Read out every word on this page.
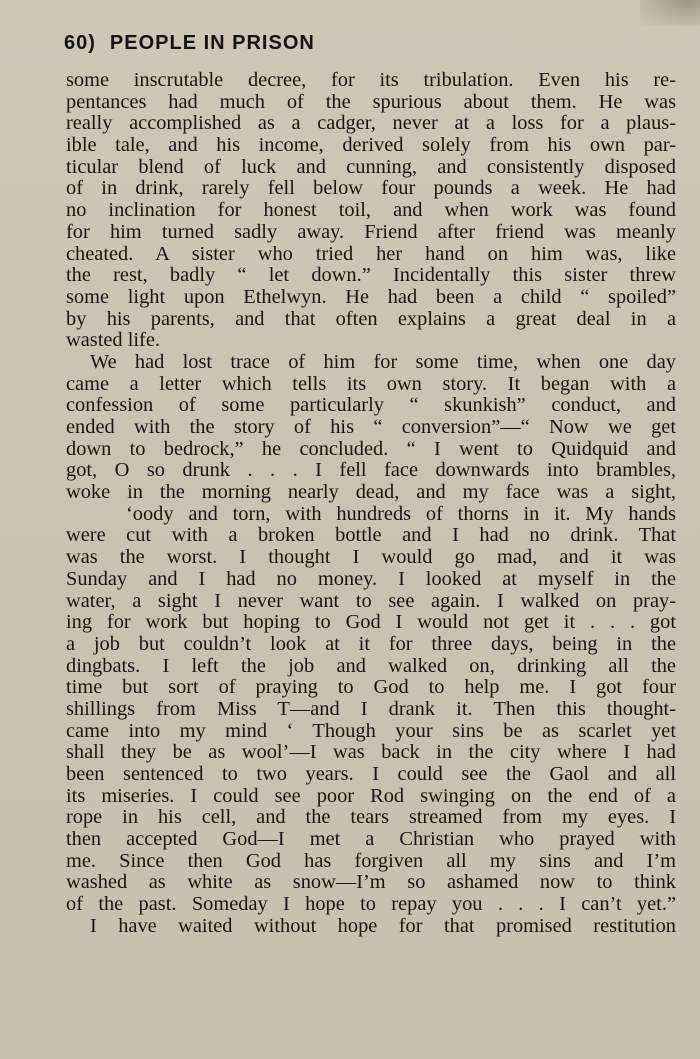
60) PEOPLE IN PRISON
some inscrutable decree, for its tribulation. Even his re-
pentances had much of the spurious about them. He was
really accomplished as a cadger, never at a loss for a plaus-
ible tale, and his income, derived solely from his own par-
ticular blend of luck and cunning, and consistently disposed
of in drink, rarely fell below four pounds a week. He had
no inclination for honest toil, and when work was found
for him turned sadly away. Friend after friend was meanly
cheated. A sister who tried her hand on him was, like
the rest, badly “ let down.” Incidentally this sister threw
some light upon Ethelwyn. He had been a child “ spoiled”
by his parents, and that often explains a great deal in a
wasted life.
We had lost trace of him for some time, when one day
came a letter which tells its own story. It began with a
confession of some particularly “ skunkish” conduct, and
ended with the story of his “ conversion”—“ Now we get
down to bedrock,” he concluded. “ I went to Quidquid and
got, O so drunk . . . I fell face downwards into brambles,
woke in the morning nearly dead, and my face was a sight,
‘oody and torn, with hundreds of thorns in it. My hands
were cut with a broken bottle and I had no drink. That
was the worst. I thought I would go mad, and it was
Sunday and I had no money. I looked at myself in the
water, a sight I never want to see again. I walked on pray-
ing for work but hoping to God I would not get it . . . got
a job but couldn’t look at it for three days, being in the
dingbats. I left the job and walked on, drinking all the
time but sort of praying to God to help me. I got four
shillings from Miss T—and I drank it. Then this thought-
came into my mind ‘ Though your sins be as scarlet yet
shall they be as wool’—I was back in the city where I had
been sentenced to two years. I could see the Gaol and all
its miseries. I could see poor Rod swinging on the end of a
rope in his cell, and the tears streamed from my eyes. I
then accepted God—I met a Christian who prayed with
me. Since then God has forgiven all my sins and I’m
washed as white as snow—I’m so ashamed now to think
of the past. Someday I hope to repay you . . . I can’t yet.”
I have waited without hope for that promised restitution
